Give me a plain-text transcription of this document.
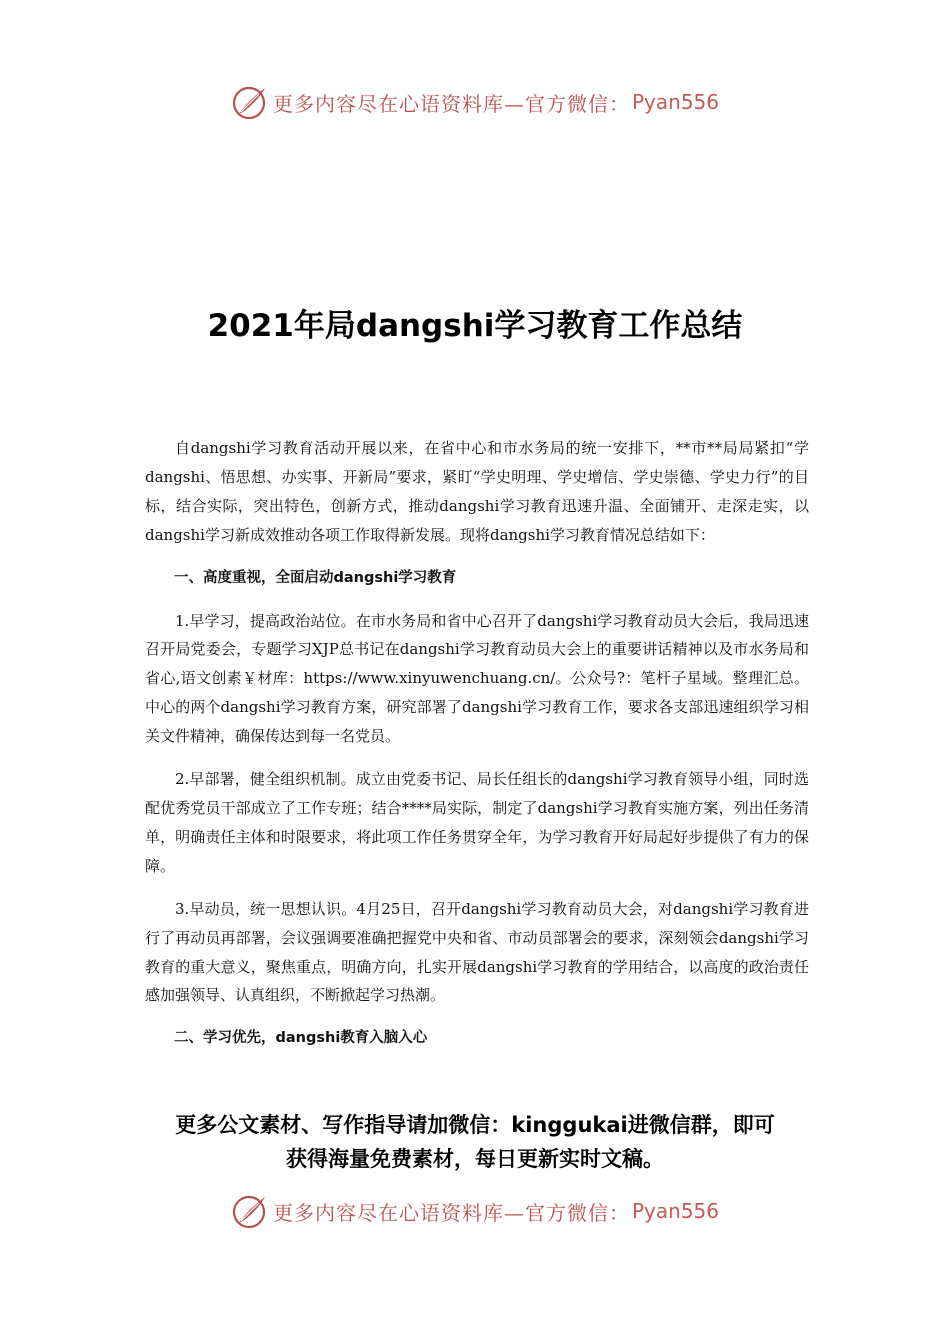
更多内容尽在心语资料库—官方微信： Pyan556
2021年局dangshi学习教育工作总结

自dangshi学习教育活动开展以来，在省中心和市水务局的统一安排下，**市**局局紧扣“学dangshi、悟思想、办实事、开新局”要求，紧盯“学史明理、学史增信、学史崇德、学史力行”的目标，结合实际，突出特色，创新方式，推动dangshi学习教育迅速升温、全面铺开、走深走实，以dangshi学习新成效推动各项工作取得新发展。现将dangshi学习教育情况总结如下：

一、高度重视，全面启动dangshi学习教育

1.早学习，提高政治站位。在市水务局和省中心召开了dangshi学习教育动员大会后，我局迅速召开局党委会，专题学习XJP总书记在dangshi学习教育动员大会上的重要讲话精神以及市水务局和省心,语文创素￥材库：https://www.xinyuwenchuang.cn/。公众号?：笔杆子星域。整理汇总。中心的两个dangshi学习教育方案，研究部署了dangshi学习教育工作，要求各支部迅速组织学习相关文件精神，确保传达到每一名党员。

2.早部署，健全组织机制。成立由党委书记、局长任组长的dangshi学习教育领导小组，同时选配优秀党员干部成立了工作专班；结合****局实际，制定了dangshi学习教育实施方案，列出任务清单，明确责任主体和时限要求，将此项工作任务贯穿全年，为学习教育开好局起好步提供了有力的保障。

3.早动员，统一思想认识。4月25日，召开dangshi学习教育动员大会，对dangshi学习教育进行了再动员再部署，会议强调要准确把握党中央和省、市动员部署会的要求，深刻领会dangshi学习教育的重大意义，聚焦重点，明确方向，扎实开展dangshi学习教育的学用结合，以高度的政治责任感加强领导、认真组织，不断掀起学习热潮。

二、学习优先，dangshi教育入脑入心
更多公文素材、写作指导请加微信：kinggukai进微信群，即可
获得海量免费素材，每日更新实时文稿。
更多内容尽在心语资料库—官方微信： Pyan556
